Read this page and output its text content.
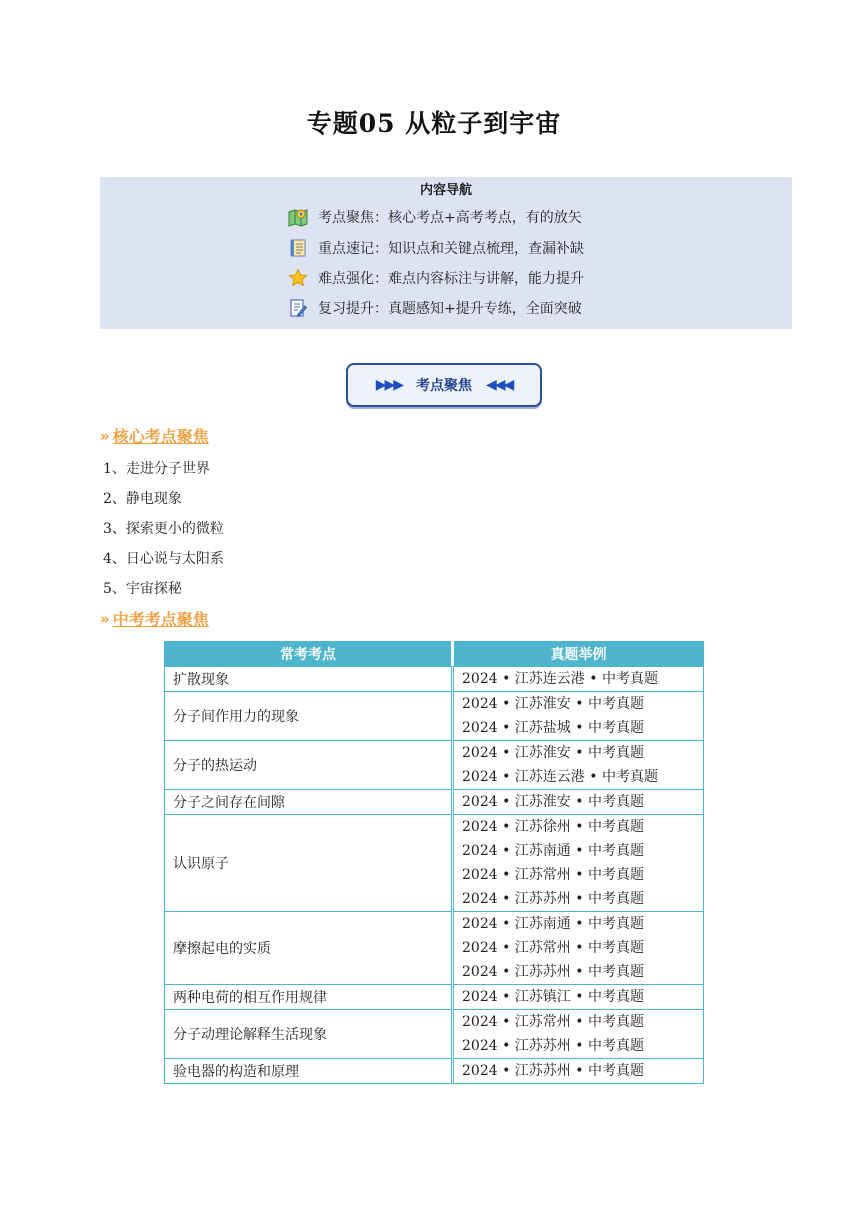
专题05 从粒子到宇宙
内容导航
考点聚焦：核心考点+高考考点，有的放矢
重点速记：知识点和关键点梳理，查漏补缺
难点强化：难点内容标注与讲解，能力提升
复习提升：真题感知+提升专练，全面突破
▶▶▶ 考点聚焦 ◀◀◀
» 核心考点聚焦
1、走进分子世界
2、静电现象
3、探索更小的微粒
4、日心说与太阳系
5、宇宙探秘
» 中考考点聚焦
常考考点	真题举例
扩散现象	2024 • 江苏连云港 • 中考真题

分子间作用力的现象	2024 • 江苏淮安 • 中考真题
2024 • 江苏盐城 • 中考真题

分子的热运动	2024 • 江苏淮安 • 中考真题
2024 • 江苏连云港 • 中考真题

分子之间存在间隙	2024 • 江苏淮安 • 中考真题

认识原子	2024 • 江苏徐州 • 中考真题
2024 • 江苏南通 • 中考真题
2024 • 江苏常州 • 中考真题
2024 • 江苏苏州 • 中考真题

摩擦起电的实质	2024 • 江苏南通 • 中考真题
2024 • 江苏常州 • 中考真题
2024 • 江苏苏州 • 中考真题

两种电荷的相互作用规律	2024 • 江苏镇江 • 中考真题

分子动理论解释生活现象	2024 • 江苏常州 • 中考真题
2024 • 江苏苏州 • 中考真题

验电器的构造和原理	2024 • 江苏苏州 • 中考真题
